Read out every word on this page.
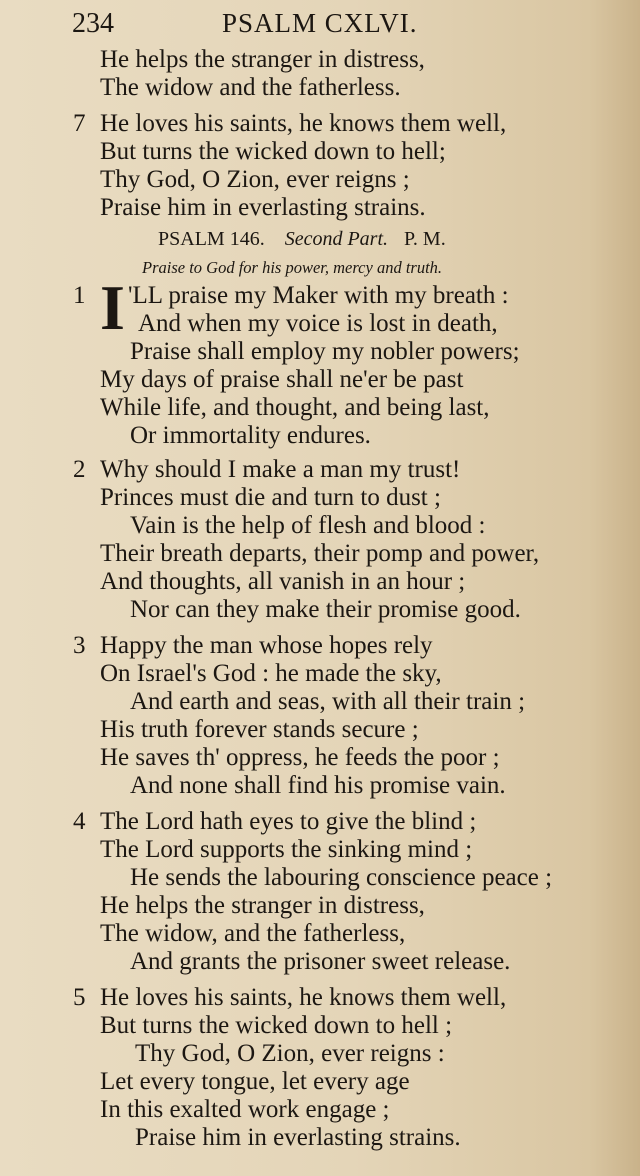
234	PSALM CXLVI.
He helps the stranger in distress,
The widow and the fatherless.
7 He loves his saints, he knows them well,
But turns the wicked down to hell;
Thy God, O Zion, ever reigns ;
Praise him in everlasting strains.
PSALM 146. Second Part. P. M.
Praise to God for his power, mercy and truth.
1 I 'LL praise my Maker with my breath :
And when my voice is lost in death,
Praise shall employ my nobler powers;
My days of praise shall ne'er be past
While life, and thought, and being last,
Or immortality endures.
2 Why should I make a man my trust!
Princes must die and turn to dust ;
Vain is the help of flesh and blood :
Their breath departs, their pomp and power,
And thoughts, all vanish in an hour ;
Nor can they make their promise good.
3 Happy the man whose hopes rely
On Israel's God : he made the sky,
And earth and seas, with all their train ;
His truth forever stands secure ;
He saves th' oppress, he feeds the poor ;
And none shall find his promise vain.
4 The Lord hath eyes to give the blind ;
The Lord supports the sinking mind ;
He sends the labouring conscience peace ;
He helps the stranger in distress,
The widow, and the fatherless,
And grants the prisoner sweet release.
5 He loves his saints, he knows them well,
But turns the wicked down to hell ;
Thy God, O Zion, ever reigns :
Let every tongue, let every age
In this exalted work engage ;
Praise him in everlasting strains.
